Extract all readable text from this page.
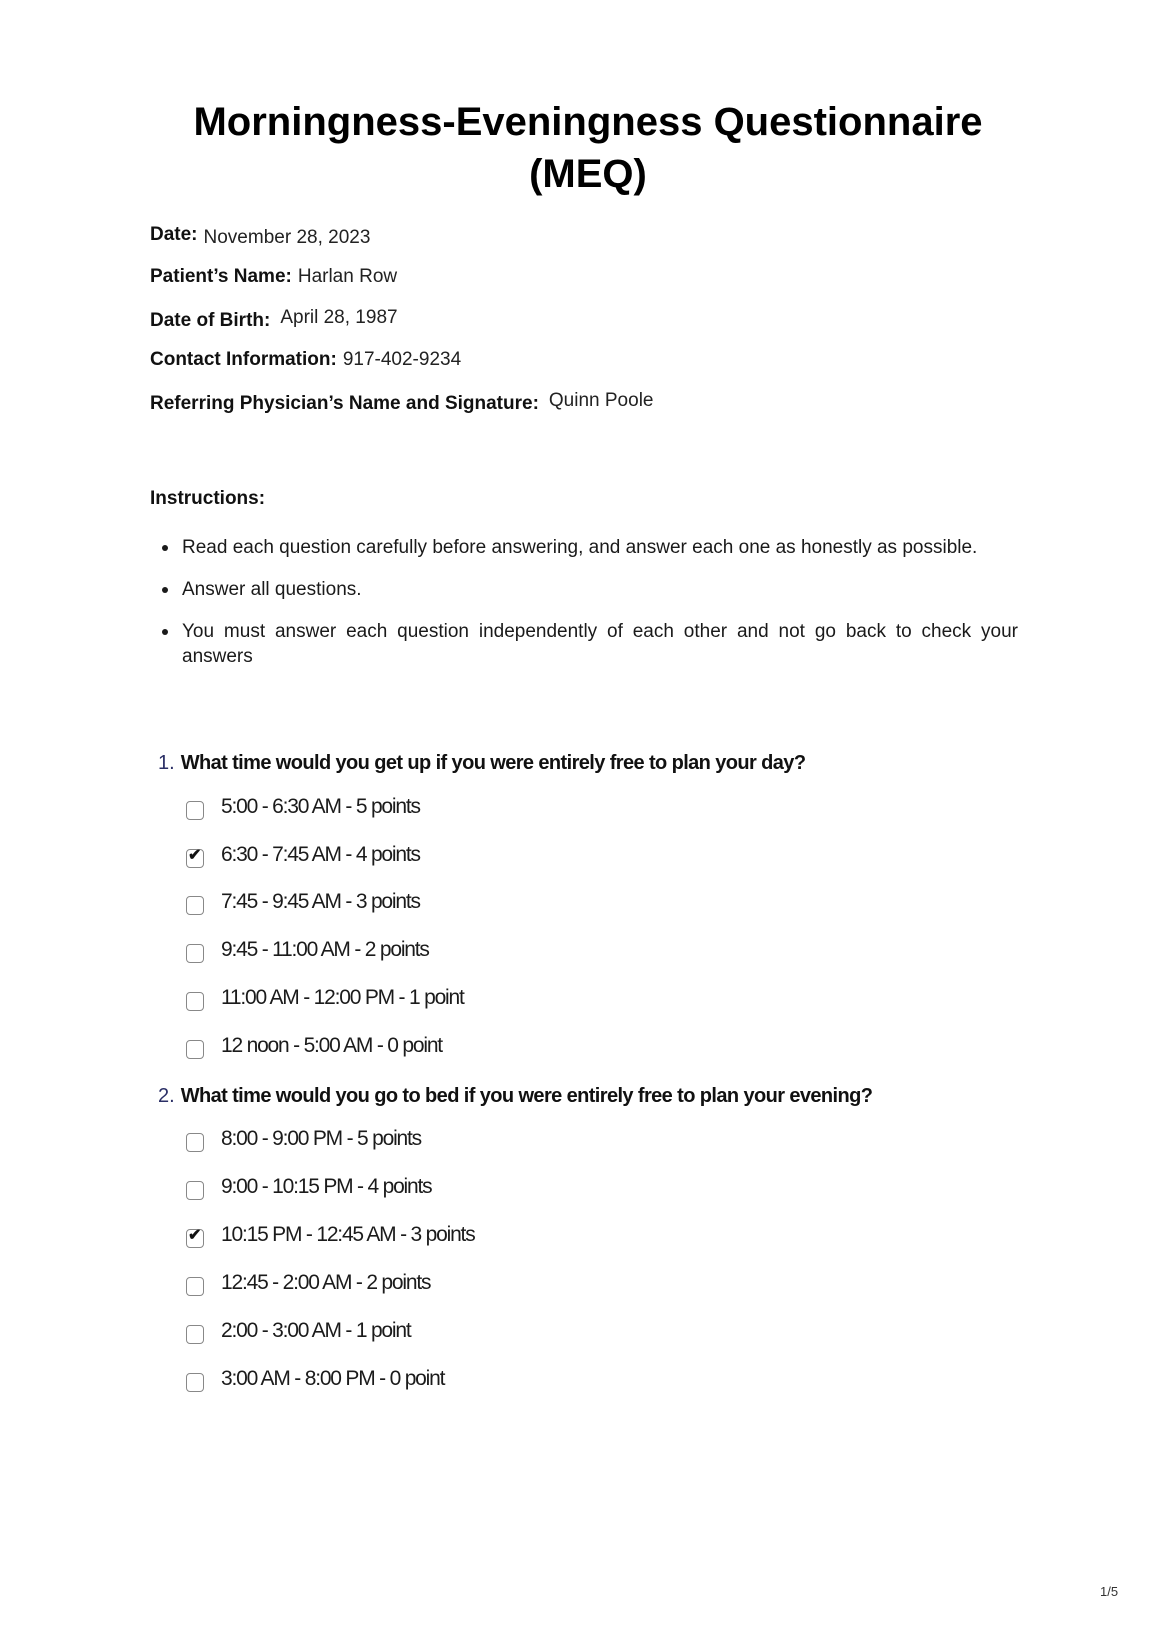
Morningness-Eveningness Questionnaire
(MEQ)
Date: November 28, 2023
Patient’s Name: Harlan Row
Date of Birth: April 28, 1987
Contact Information: 917-402-9234
Referring Physician’s Name and Signature: Quinn Poole
Instructions:
Read each question carefully before answering, and answer each one as honestly as possible.
Answer all questions.
You must answer each question independently of each other and not go back to check your answers
1. What time would you get up if you were entirely free to plan your day?
5:00 - 6:30 AM - 5 points
✔ 6:30 - 7:45 AM - 4 points
7:45 - 9:45 AM - 3 points
9:45 - 11:00 AM - 2 points
11:00 AM - 12:00 PM - 1 point
12 noon - 5:00 AM - 0 point
2. What time would you go to bed if you were entirely free to plan your evening?
8:00 - 9:00 PM - 5 points
9:00 - 10:15 PM - 4 points
✔ 10:15 PM - 12:45 AM - 3 points
12:45 - 2:00 AM - 2 points
2:00 - 3:00 AM - 1 point
3:00 AM - 8:00 PM - 0 point
1/5
